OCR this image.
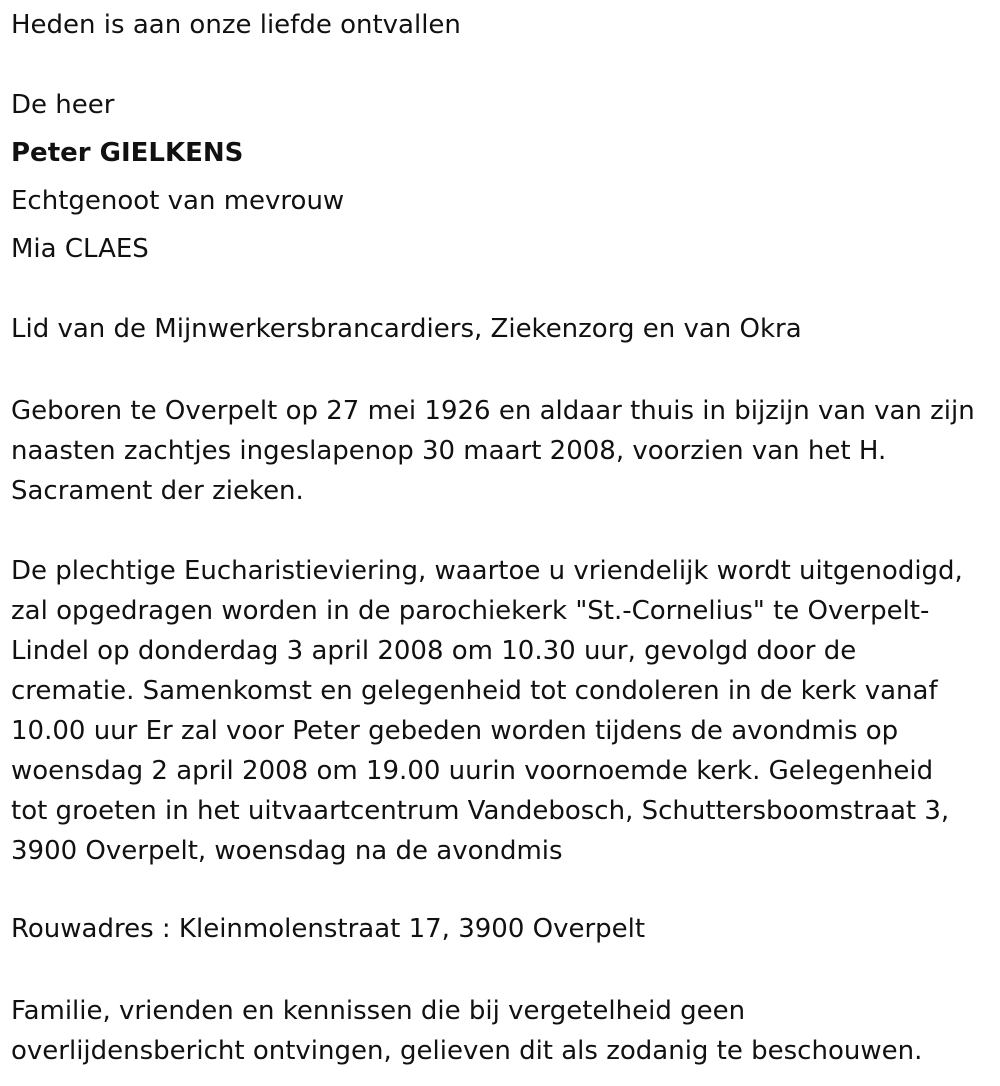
Heden is aan onze liefde ontvallen

De heer

Peter GIELKENS

Echtgenoot van mevrouw

Mia CLAES

Lid van de Mijnwerkersbrancardiers, Ziekenzorg en van Okra

Geboren te Overpelt op 27 mei 1926 en aldaar thuis in bijzijn van van zijn
naasten zachtjes ingeslapenop 30 maart 2008, voorzien van het H.
Sacrament der zieken.
De plechtige Eucharistieviering, waartoe u vriendelijk wordt uitgenodigd,
zal opgedragen worden in de parochiekerk "St.-Cornelius" te Overpelt-
Lindel op donderdag 3 april 2008 om 10.30 uur, gevolgd door de
crematie. Samenkomst en gelegenheid tot condoleren in de kerk vanaf
10.00 uur Er zal voor Peter gebeden worden tijdens de avondmis op
woensdag 2 april 2008 om 19.00 uurin voornoemde kerk. Gelegenheid
tot groeten in het uitvaartcentrum Vandebosch, Schuttersboomstraat 3,
3900 Overpelt, woensdag na de avondmis

Rouwadres : Kleinmolenstraat 17, 3900 Overpelt

Familie, vrienden en kennissen die bij vergetelheid geen
overlijdensbericht ontvingen, gelieven dit als zodanig te beschouwen.
